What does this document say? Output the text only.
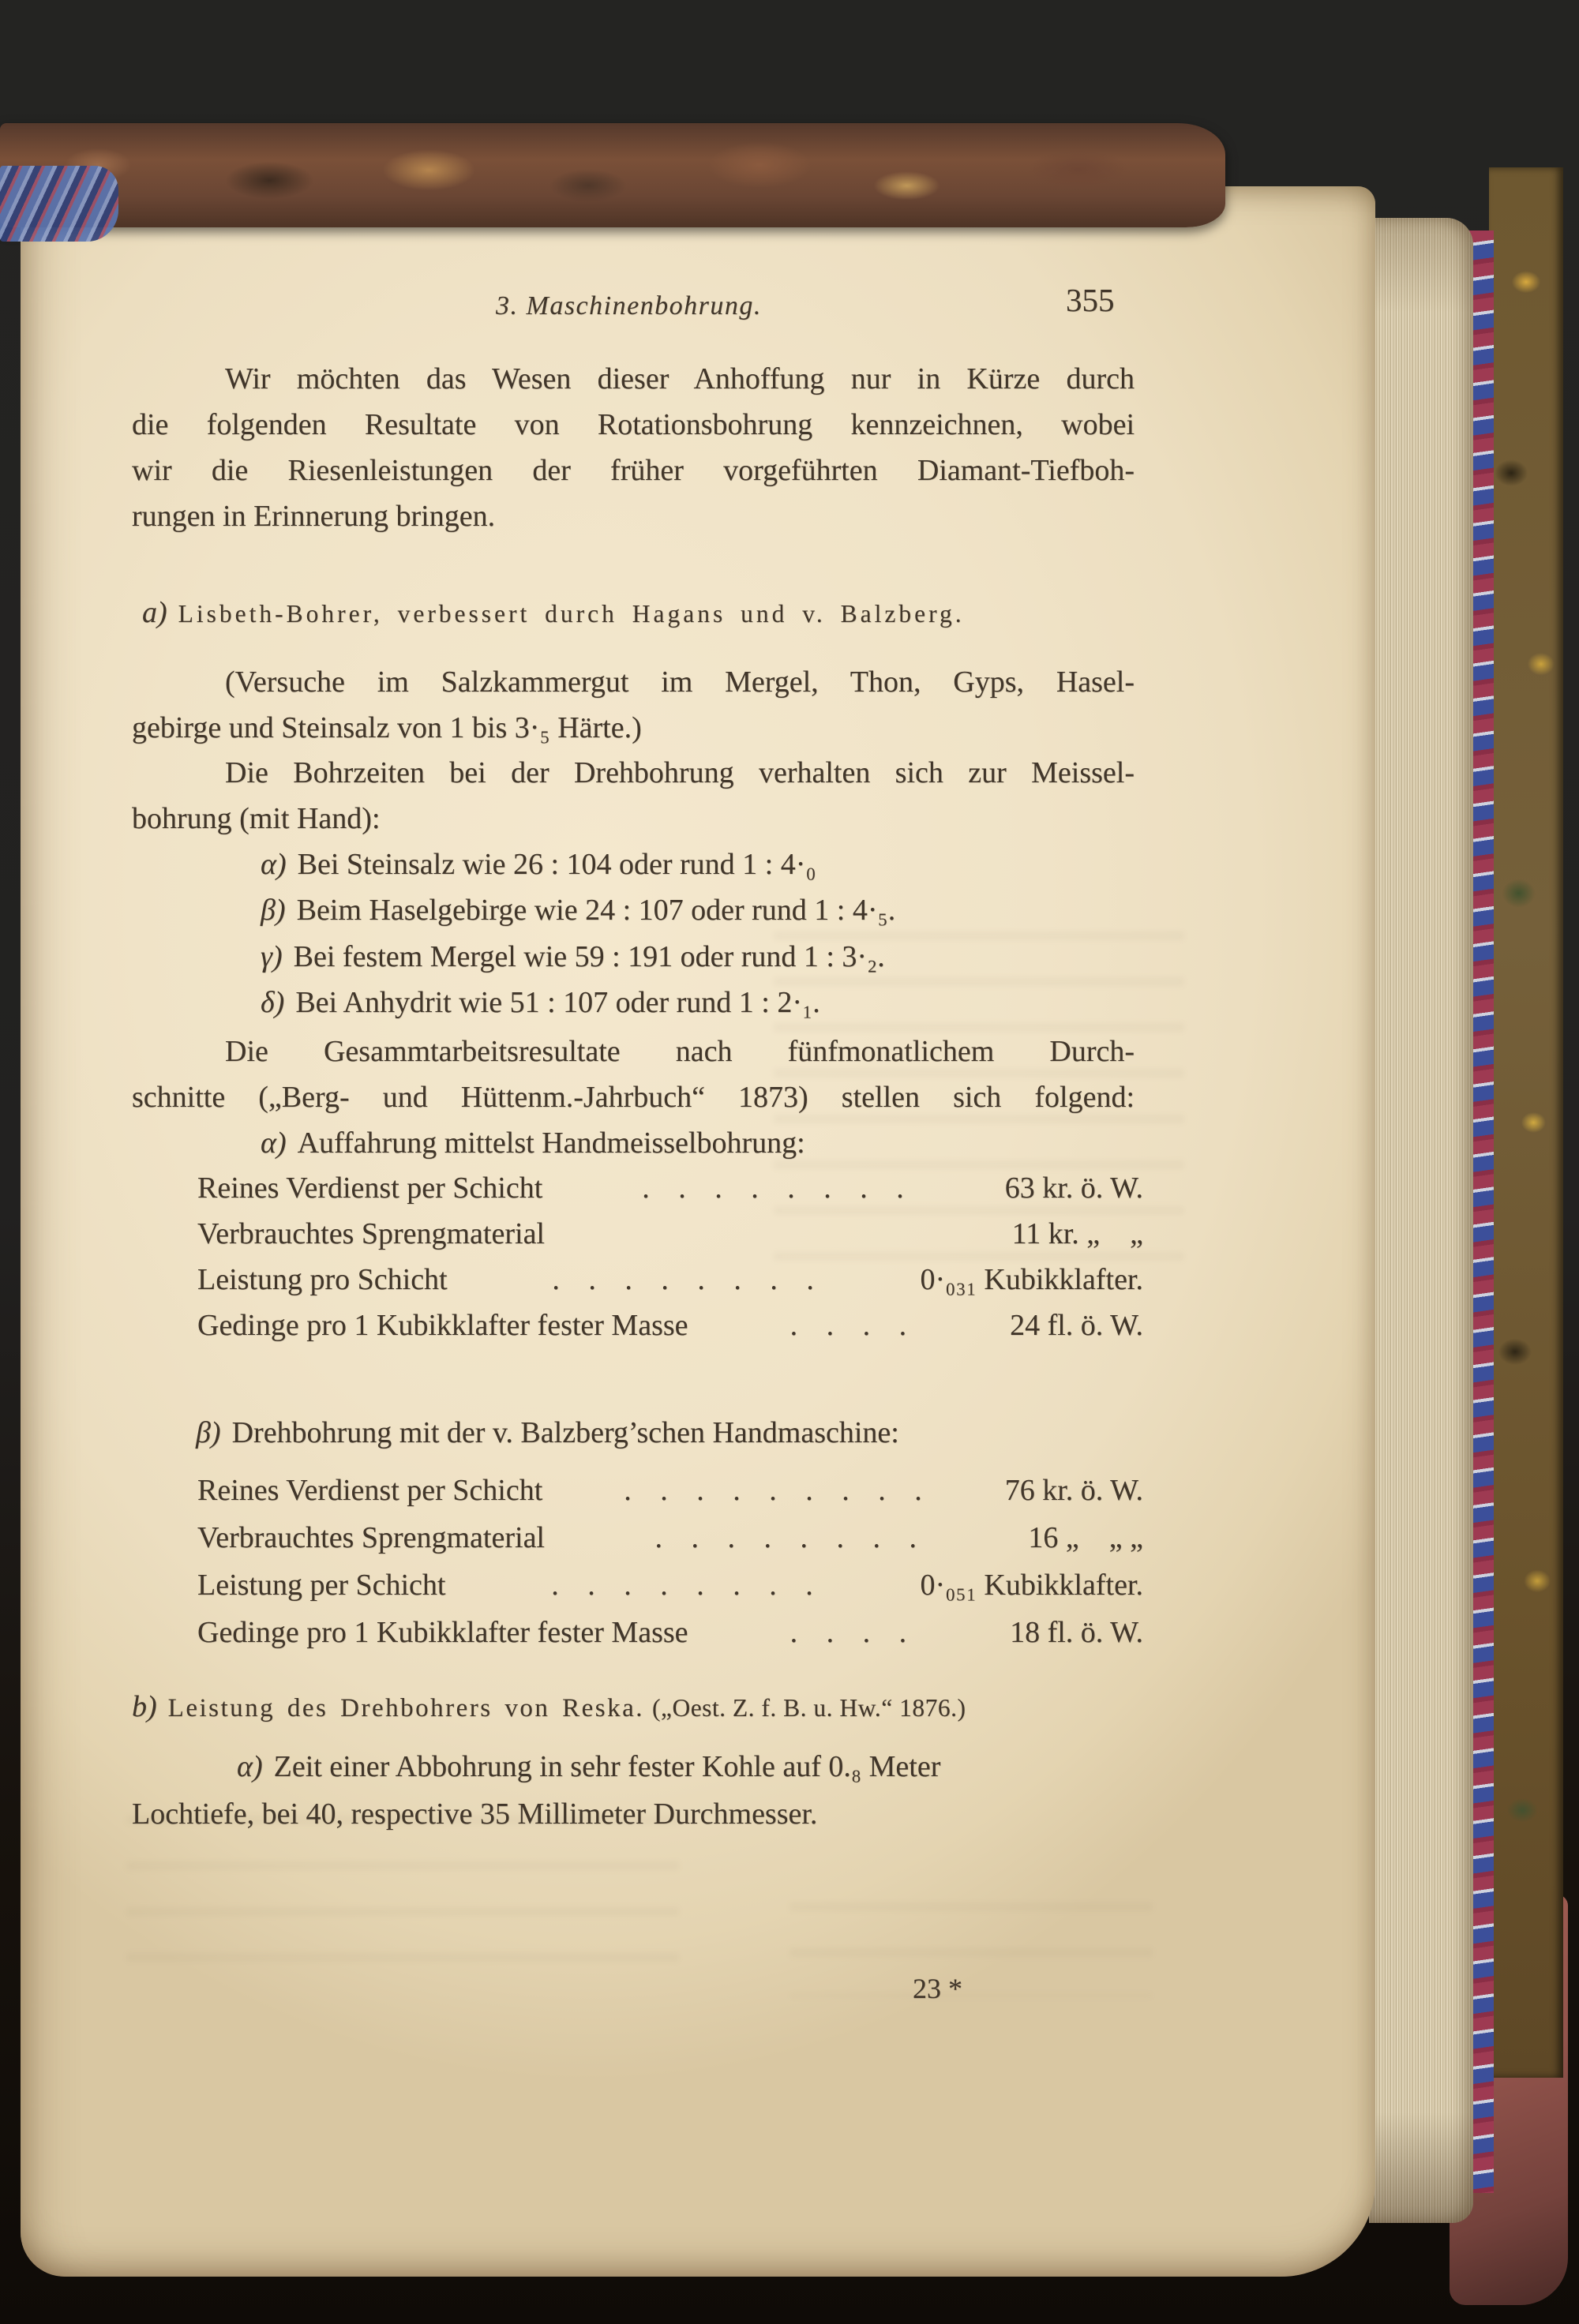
3. Maschinenbohrung.	355
Wir möchten das Wesen dieser Anhoffung nur in Kürze durch
die folgenden Resultate von Rotationsbohrung kennzeichnen, wobei
wir die Riesenleistungen der früher vorgeführten Diamant-Tiefboh-
rungen in Erinnerung bringen.
a) Lisbeth-Bohrer, verbessert durch Hagans und v. Balzberg.
(Versuche im Salzkammergut im Mergel, Thon, Gyps, Hasel-
gebirge und Steinsalz von 1 bis 3·₅ Härte.)
Die Bohrzeiten bei der Drehbohrung verhalten sich zur Meissel-
bohrung (mit Hand):
α) Bei Steinsalz wie 26 : 104 oder rund 1 : 4·₀
β) Beim Haselgebirge wie 24 : 107 oder rund 1 : 4·₅.
γ) Bei festem Mergel wie 59 : 191 oder rund 1 : 3·₂.
δ) Bei Anhydrit wie 51 : 107 oder rund 1 : 2·₁.
Die Gesammtarbeitsresultate nach fünfmonatlichem Durch-
schnitte („Berg- und Hüttenm.-Jahrbuch“ 1873) stellen sich folgend:
α) Auffahrung mittelst Handmeisselbohrung:
Reines Verdienst per Schicht	.   .   .   .   .   .   .   .	63 kr. ö. W.
Verbrauchtes Sprengmaterial	11 kr. „    „
Leistung pro Schicht	.   .   .   .   .   .   .   .	0·₀₃₁ Kubikklafter.
Gedinge pro 1 Kubikklafter fester Masse	.   .   .   .	24 fl. ö. W.
β) Drehbohrung mit der v. Balzberg’schen Handmaschine:
Reines Verdienst per Schicht	.   .   .   .   .   .   .   .   .	76 kr. ö. W.
Verbrauchtes Sprengmaterial	.   .   .   .   .   .   .   .	16 „    „ „
Leistung per Schicht	.   .   .   .   .   .   .   .	0·₀₅₁ Kubikklafter.
Gedinge pro 1 Kubikklafter fester Masse	.   .   .   .	18 fl. ö. W.
b) Leistung des Drehbohrers von Reska. („Oest. Z. f. B. u. Hw.“ 1876.)
α) Zeit einer Abbohrung in sehr fester Kohle auf 0.₈ Meter
Lochtiefe, bei 40, respective 35 Millimeter Durchmesser.
23 *
